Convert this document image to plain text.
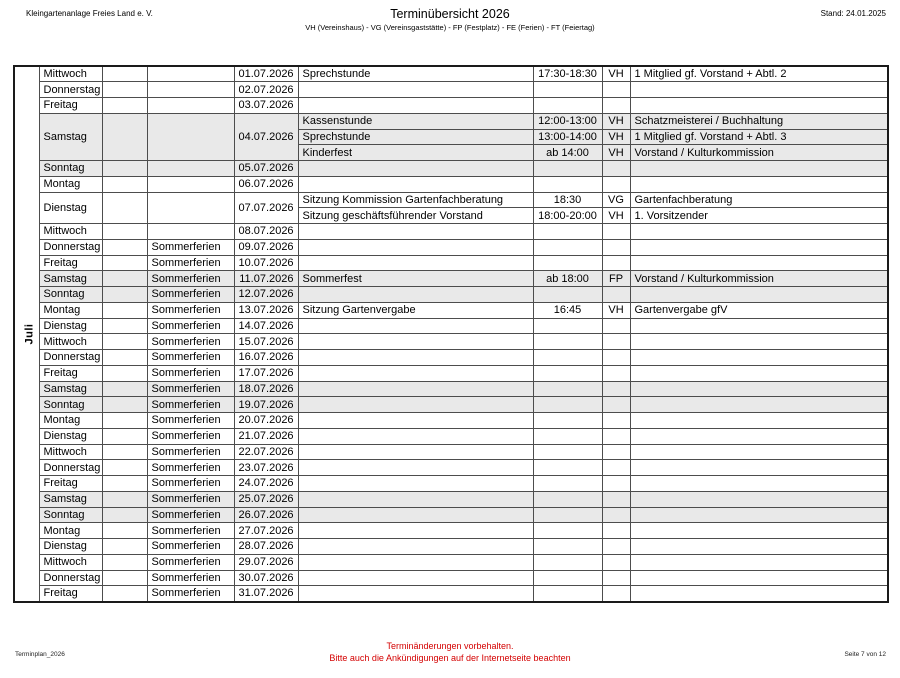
Kleingartenanlage Freies Land e. V.	Terminübersicht 2026
VH (Vereinshaus) - VG (Vereinsgaststätte) - FP (Festplatz) - FE (Ferien) - FT (Feiertag)
Stand: 24.01.2025
Juli	Mittwoch			01.07.2026	Sprechstunde	17:30-18:30	VH	1 Mitglied gf. Vorstand + Abtl. 2
	Donnerstag			02.07.2026				
	Freitag			03.07.2026				
	Samstag			04.07.2026	Kassenstunde	12:00-13:00	VH	Schatzmeisterei / Buchhaltung
					Sprechstunde	13:00-14:00	VH	1 Mitglied gf. Vorstand + Abtl. 3
					Kinderfest	ab 14:00	VH	Vorstand / Kulturkommission
	Sonntag			05.07.2026				
	Montag			06.07.2026				
	Dienstag			07.07.2026	Sitzung Kommission Gartenfachberatung	18:30	VG	Gartenfachberatung
					Sitzung geschäftsführender Vorstand	18:00-20:00	VH	1. Vorsitzender
	Mittwoch			08.07.2026				
	Donnerstag		Sommerferien	09.07.2026				
	Freitag		Sommerferien	10.07.2026				
	Samstag		Sommerferien	11.07.2026	Sommerfest	ab 18:00	FP	Vorstand / Kulturkommission
	Sonntag		Sommerferien	12.07.2026				
	Montag		Sommerferien	13.07.2026	Sitzung Gartenvergabe	16:45	VH	Gartenvergabe gfV
	Dienstag		Sommerferien	14.07.2026				
	Mittwoch		Sommerferien	15.07.2026				
	Donnerstag		Sommerferien	16.07.2026				
	Freitag		Sommerferien	17.07.2026				
	Samstag		Sommerferien	18.07.2026				
	Sonntag		Sommerferien	19.07.2026				
	Montag		Sommerferien	20.07.2026				
	Dienstag		Sommerferien	21.07.2026				
	Mittwoch		Sommerferien	22.07.2026				
	Donnerstag		Sommerferien	23.07.2026				
	Freitag		Sommerferien	24.07.2026				
	Samstag		Sommerferien	25.07.2026				
	Sonntag		Sommerferien	26.07.2026				
	Montag		Sommerferien	27.07.2026				
	Dienstag		Sommerferien	28.07.2026				
	Mittwoch		Sommerferien	29.07.2026				
	Donnerstag		Sommerferien	30.07.2026				
	Freitag		Sommerferien	31.07.2026				
Terminänderungen vorbehalten.
Bitte auch die Ankündigungen auf der Internetseite beachten
Terminplan_2026	Seite 7 von 12
